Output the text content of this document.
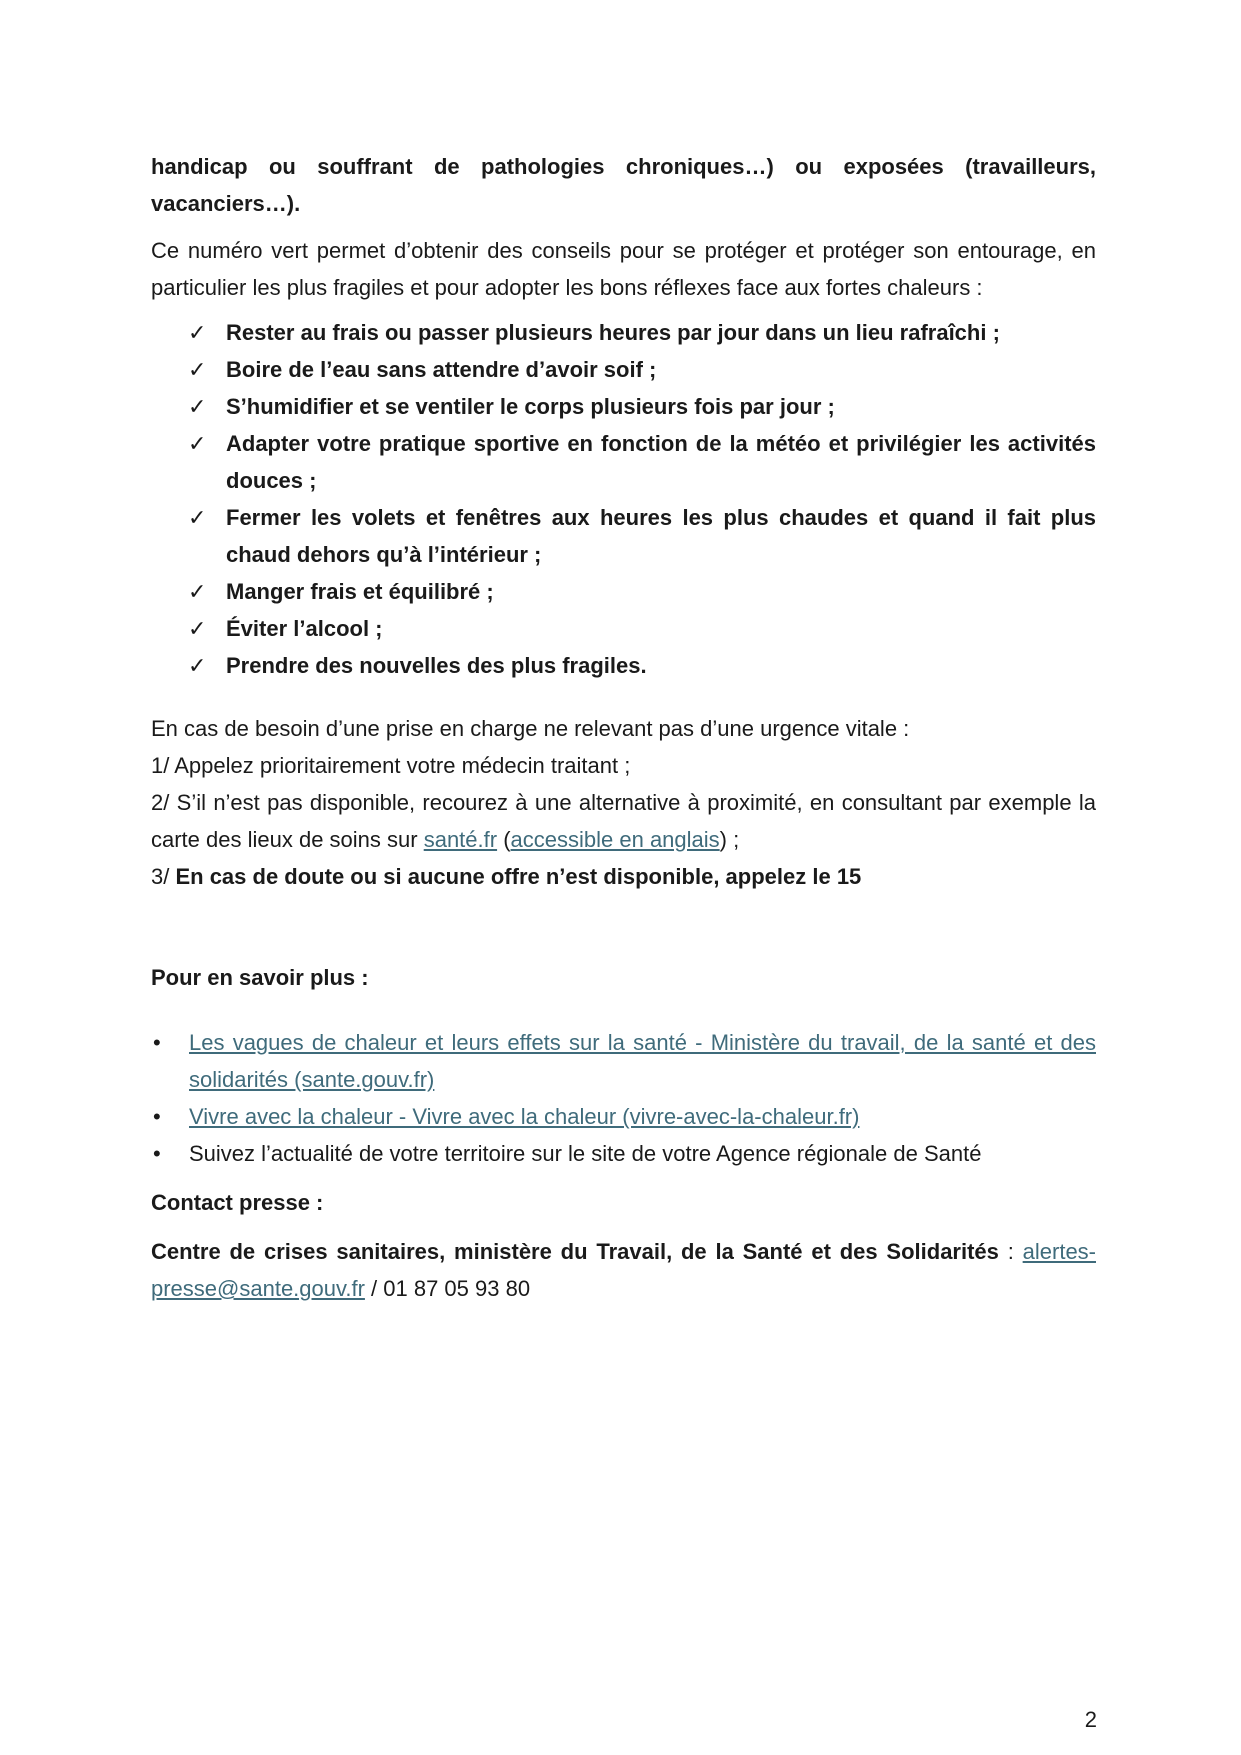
handicap ou souffrant de pathologies chroniques…) ou exposées (travailleurs, vacanciers…).

Ce numéro vert permet d’obtenir des conseils pour se protéger et protéger son entourage, en particulier les plus fragiles et pour adopter les bons réflexes face aux fortes chaleurs :

✓ Rester au frais ou passer plusieurs heures par jour dans un lieu rafraîchi ;
✓ Boire de l’eau sans attendre d’avoir soif ;
✓ S’humidifier et se ventiler le corps plusieurs fois par jour ;
✓ Adapter votre pratique sportive en fonction de la météo et privilégier les activités douces ;
✓ Fermer les volets et fenêtres aux heures les plus chaudes et quand il fait plus chaud dehors qu’à l’intérieur ;
✓ Manger frais et équilibré ;
✓ Éviter l’alcool ;
✓ Prendre des nouvelles des plus fragiles.

En cas de besoin d’une prise en charge ne relevant pas d’une urgence vitale :

1/ Appelez prioritairement votre médecin traitant ;

2/ S’il n’est pas disponible, recourez à une alternative à proximité, en consultant par exemple la carte des lieux de soins sur santé.fr (accessible en anglais) ;

3/ En cas de doute ou si aucune offre n’est disponible, appelez le 15

Pour en savoir plus :

• Les vagues de chaleur et leurs effets sur la santé - Ministère du travail, de la santé et des solidarités (sante.gouv.fr)
• Vivre avec la chaleur - Vivre avec la chaleur (vivre-avec-la-chaleur.fr)
• Suivez l’actualité de votre territoire sur le site de votre Agence régionale de Santé

Contact presse :

Centre de crises sanitaires, ministère du Travail, de la Santé et des Solidarités : alertes-presse@sante.gouv.fr / 01 87 05 93 80

2
